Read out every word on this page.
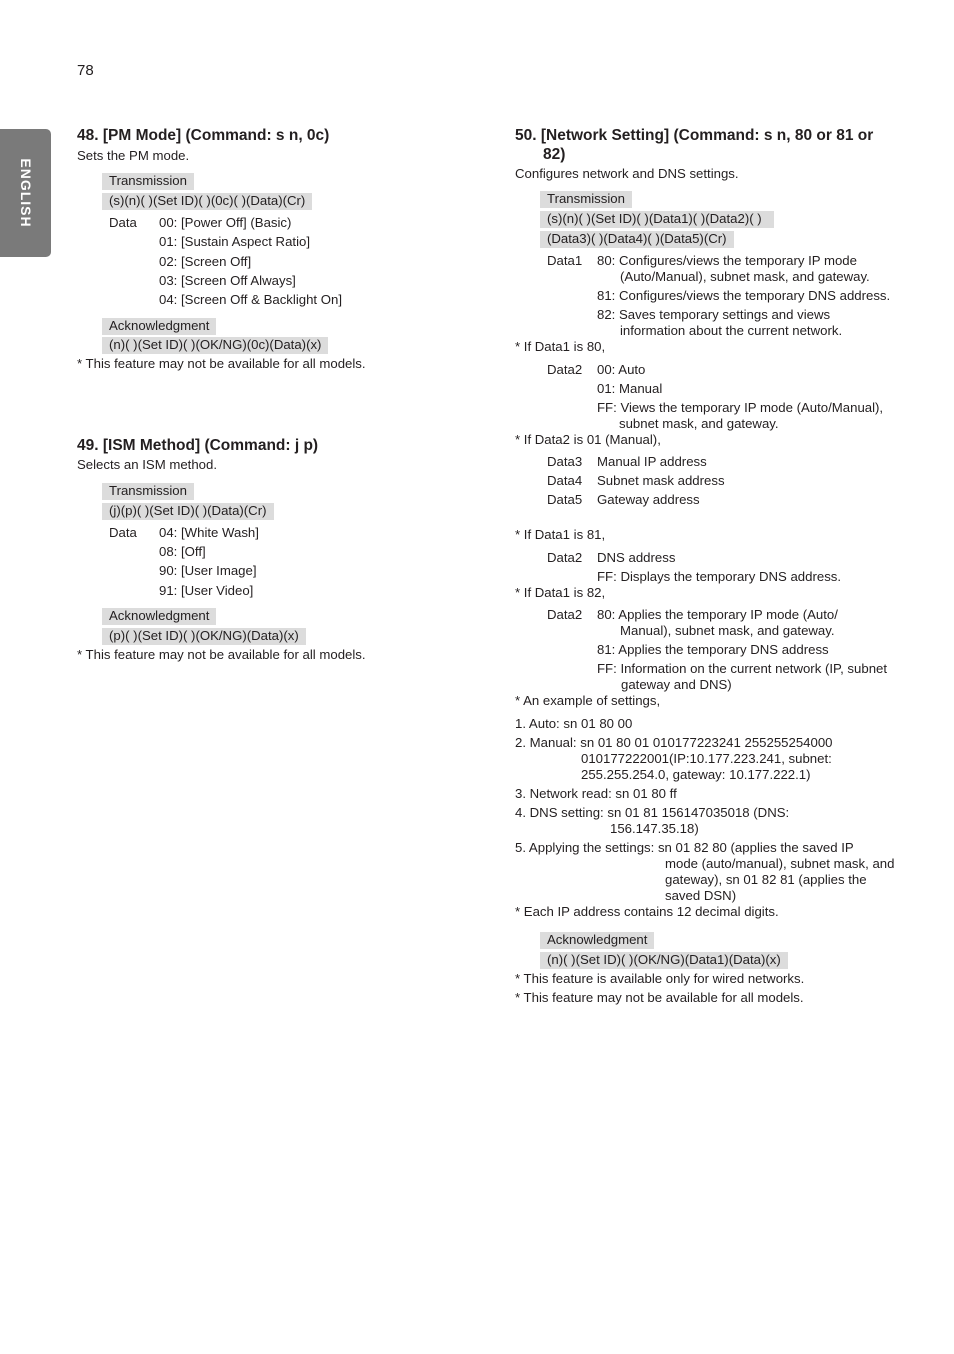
78
ENGLISH
48. [PM Mode] (Command: s n, 0c)
Sets the PM mode.
Transmission
(s)(n)( )(Set ID)( )(0c)( )(Data)(Cr)
Data 00: [Power Off] (Basic)
01: [Sustain Aspect Ratio]
02: [Screen Off]
03: [Screen Off Always]
04: [Screen Off & Backlight On]
Acknowledgment
(n)( )(Set ID)( )(OK/NG)(0c)(Data)(x)
* This feature may not be available for all models.
49. [ISM Method] (Command: j p)
Selects an ISM method.
Transmission
(j)(p)( )(Set ID)( )(Data)(Cr)
Data 04: [White Wash]
08: [Off]
90: [User Image]
91: [User Video]
Acknowledgment
(p)( )(Set ID)( )(OK/NG)(Data)(x)
* This feature may not be available for all models.
50. [Network Setting] (Command: s n, 80 or 81 or
82)
Configures network and DNS settings.
Transmission
(s)(n)( )(Set ID)( )(Data1)( )(Data2)( )
(Data3)( )(Data4)( )(Data5)(Cr)
Data1 80: Configures/views the temporary IP mode
(Auto/Manual), subnet mask, and gateway.
81: Configures/views the temporary DNS address.
82: Saves temporary settings and views
information about the current network.
* If Data1 is 80,
Data2 00: Auto
01: Manual
FF: Views the temporary IP mode (Auto/Manual),
subnet mask, and gateway.
* If Data2 is 01 (Manual),
Data3 Manual IP address
Data4 Subnet mask address
Data5 Gateway address
* If Data1 is 81,
Data2 DNS address
FF: Displays the temporary DNS address.
* If Data1 is 82,
Data2 80: Applies the temporary IP mode (Auto/
Manual), subnet mask, and gateway.
81: Applies the temporary DNS address
FF: Information on the current network (IP, subnet
gateway and DNS)
* An example of settings,
1. Auto: sn 01 80 00
2. Manual: sn 01 80 01 010177223241 255255254000
010177222001(IP:10.177.223.241, subnet:
255.255.254.0, gateway: 10.177.222.1)
3. Network read: sn 01 80 ff
4. DNS setting: sn 01 81 156147035018 (DNS:
156.147.35.18)
5. Applying the settings: sn 01 82 80 (applies the saved IP
mode (auto/manual), subnet mask, and
gateway), sn 01 82 81 (applies the
saved DSN)
* Each IP address contains 12 decimal digits.
Acknowledgment
(n)( )(Set ID)( )(OK/NG)(Data1)(Data)(x)
* This feature is available only for wired networks.
* This feature may not be available for all models.
